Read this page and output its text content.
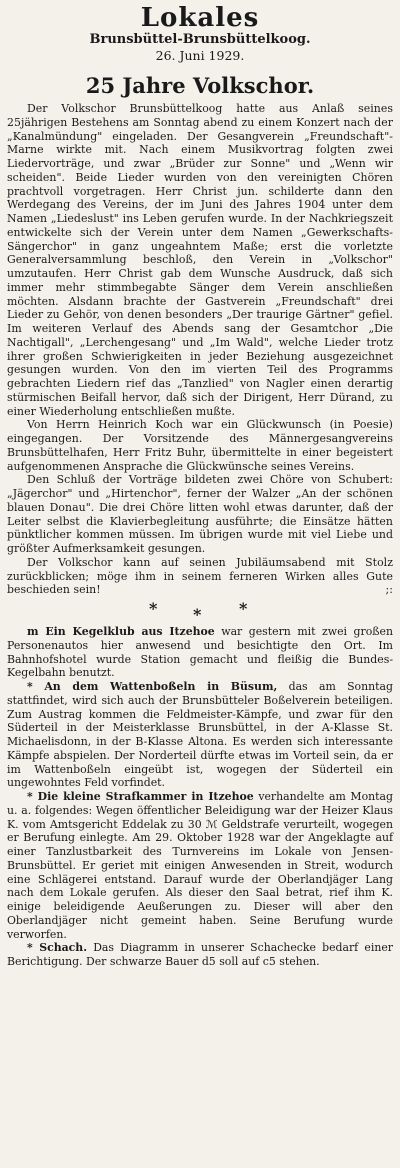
Lokales
Brunsbüttel-Brunsbüttelkoog.
26. Juni 1929.
25 Jahre Volkschor.

Der Volkschor Brunsbüttelkoog hatte aus Anlaß seines 25jährigen Bestehens am Sonntag abend zu einem Konzert nach der „Kanalmündung" eingeladen. Der Gesangverein „Freundschaft"-Marne wirkte mit. Nach einem Musikvortrag folgten zwei Liedervorträge, und zwar „Brüder zur Sonne" und „Wenn wir scheiden". Beide Lieder wurden von den vereinigten Chören prachtvoll vorgetragen. Herr Christ jun. schilderte dann den Werdegang des Vereins, der im Juni des Jahres 1904 unter dem Namen „Liedeslust" ins Leben gerufen wurde. In der Nachkriegszeit entwickelte sich der Verein unter dem Namen „Gewerkschafts-Sängerchor" in ganz ungeahntem Maße; erst die vorletzte Generalversammlung beschloß, den Verein in „Volkschor" umzutaufen. Herr Christ gab dem Wunsche Ausdruck, daß sich immer mehr stimmbegabte Sänger dem Verein anschließen möchten. Alsdann brachte der Gastverein „Freundschaft" drei Lieder zu Gehör, von denen besonders „Der traurige Gärtner" gefiel. Im weiteren Verlauf des Abends sang der Gesamtchor „Die Nachtigall", „Lerchengesang" und „Im Wald", welche Lieder trotz ihrer großen Schwierigkeiten in jeder Beziehung ausgezeichnet gesungen wurden. Von den im vierten Teil des Programms gebrachten Liedern rief das „Tanzlied" von Nagler einen derartig stürmischen Beifall hervor, daß sich der Dirigent, Herr Dürand, zu einer Wiederholung entschließen mußte.

Von Herrn Heinrich Koch war ein Glückwunsch (in Poesie) eingegangen. Der Vorsitzende des Männergesangvereins Brunsbüttelhafen, Herr Fritz Buhr, übermittelte in einer begeistert aufgenommenen Ansprache die Glückwünsche seines Vereins.

Den Schluß der Vorträge bildeten zwei Chöre von Schubert: „Jägerchor" und „Hirtenchor", ferner der Walzer „An der schönen blauen Donau". Die drei Chöre litten wohl etwas darunter, daß der Leiter selbst die Klavierbegleitung ausführte; die Einsätze hätten pünktlicher kommen müssen. Im übrigen wurde mit viel Liebe und größter Aufmerksamkeit gesungen.

Der Volkschor kann auf seinen Jubiläumsabend mit Stolz zurückblicken; möge ihm in seinem ferneren Wirken alles Gute beschieden sein!	;:

* * *

m Ein Kegelklub aus Itzehoe war gestern mit zwei großen Personenautos hier anwesend und besichtigte den Ort. Im Bahnhofshotel wurde Station gemacht und fleißig die Bundes-Kegelbahn benutzt.

* An dem Wattenboßeln in Büsum, das am Sonntag stattfindet, wird sich auch der Brunsbütteler Boßelverein beteiligen. Zum Austrag kommen die Feldmeister-Kämpfe, und zwar für den Süderteil in der Meisterklasse Brunsbüttel, in der A-Klasse St. Michaelisdonn, in der B-Klasse Altona. Es werden sich interessante Kämpfe abspielen. Der Norderteil dürfte etwas im Vorteil sein, da er im Wattenboßeln eingeübt ist, wogegen der Süderteil ein ungewohntes Feld vorfindet.

* Die kleine Strafkammer in Itzehoe verhandelte am Montag u. a. folgendes: Wegen öffentlicher Beleidigung war der Heizer Klaus K. vom Amtsgericht Eddelak zu 30 ℳ Geldstrafe verurteilt, wogegen er Berufung einlegte. Am 29. Oktober 1928 war der Angeklagte auf einer Tanzlustbarkeit des Turnvereins im Lokale von Jensen-Brunsbüttel. Er geriet mit einigen Anwesenden in Streit, wodurch eine Schlägerei entstand. Darauf wurde der Oberlandjäger Lang nach dem Lokale gerufen. Als dieser den Saal betrat, rief ihm K. einige beleidigende Aeußerungen zu. Dieser will aber den Oberlandjäger nicht gemeint haben. Seine Berufung wurde verworfen.

* Schach. Das Diagramm in unserer Schachecke bedarf einer Berichtigung. Der schwarze Bauer d5 soll auf c5 stehen.
